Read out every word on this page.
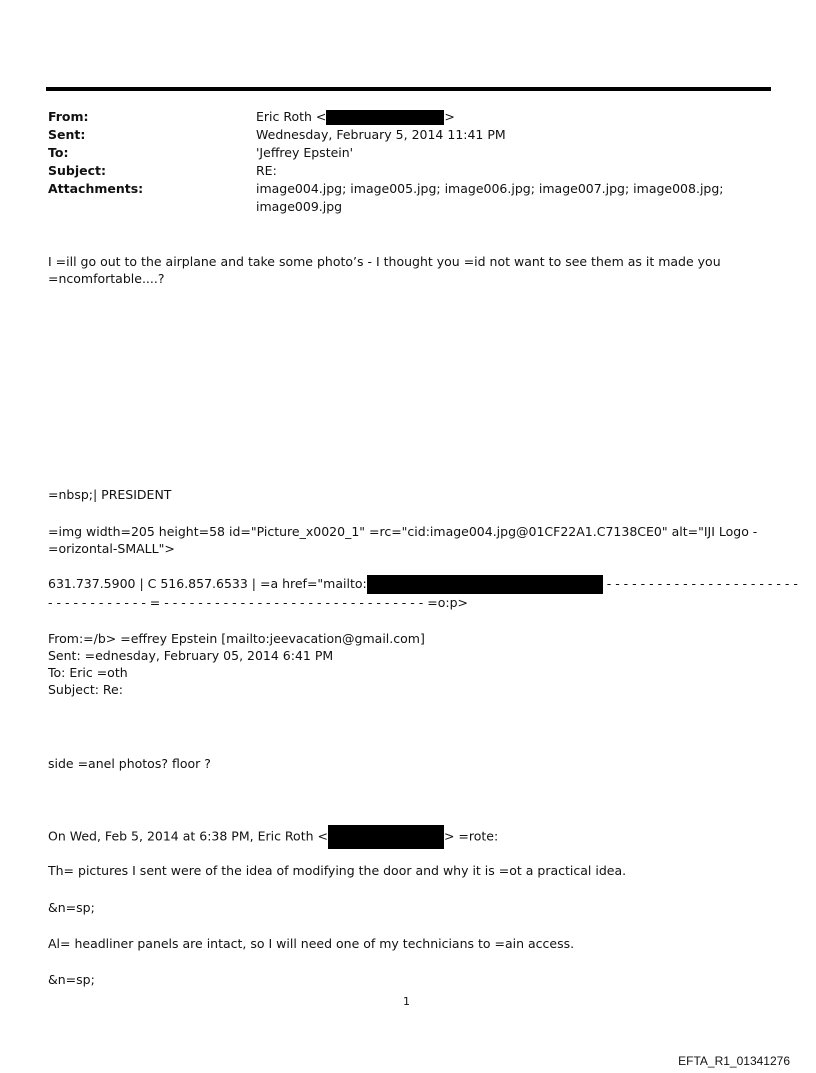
From:	Eric Roth <	>
Sent:	Wednesday, February 5, 2014 11:41 PM
To:	'Jeffrey Epstein'
Subject:	RE:
Attachments:	image004.jpg; image005.jpg; image006.jpg; image007.jpg; image008.jpg;
image009.jpg
I =ill go out to the airplane and take some photo’s - I thought you =id not want to see them as it made you
=ncomfortable....?
=nbsp;| PRESIDENT
=img width=205 height=58 id="Picture_x0020_1" =rc="cid:image004.jpg@01CF22A1.C7138CE0" alt="IJI Logo -
=orizontal-SMALL">
631.737.5900 | C 516.857.6533 | =a href="mailto:	- - - - - - - - - - - - - - - - - - - - - - -
- - - - - - - - - - - - = - - - - - - - - - - - - - - - - - - - - - - - - - - - - - - - =o:p>
From:=/b> =effrey Epstein [mailto:jeevacation@gmail.com]
Sent: =ednesday, February 05, 2014 6:41 PM
To: Eric =oth
Subject: Re:
side =anel photos? floor ?
On Wed, Feb 5, 2014 at 6:38 PM, Eric Roth <	> =rote:
Th= pictures I sent were of the idea of modifying the door and why it is =ot a practical idea.
&n=sp;
Al= headliner panels are intact, so I will need one of my technicians to =ain access.
&n=sp;
1
EFTA_R1_01341276
